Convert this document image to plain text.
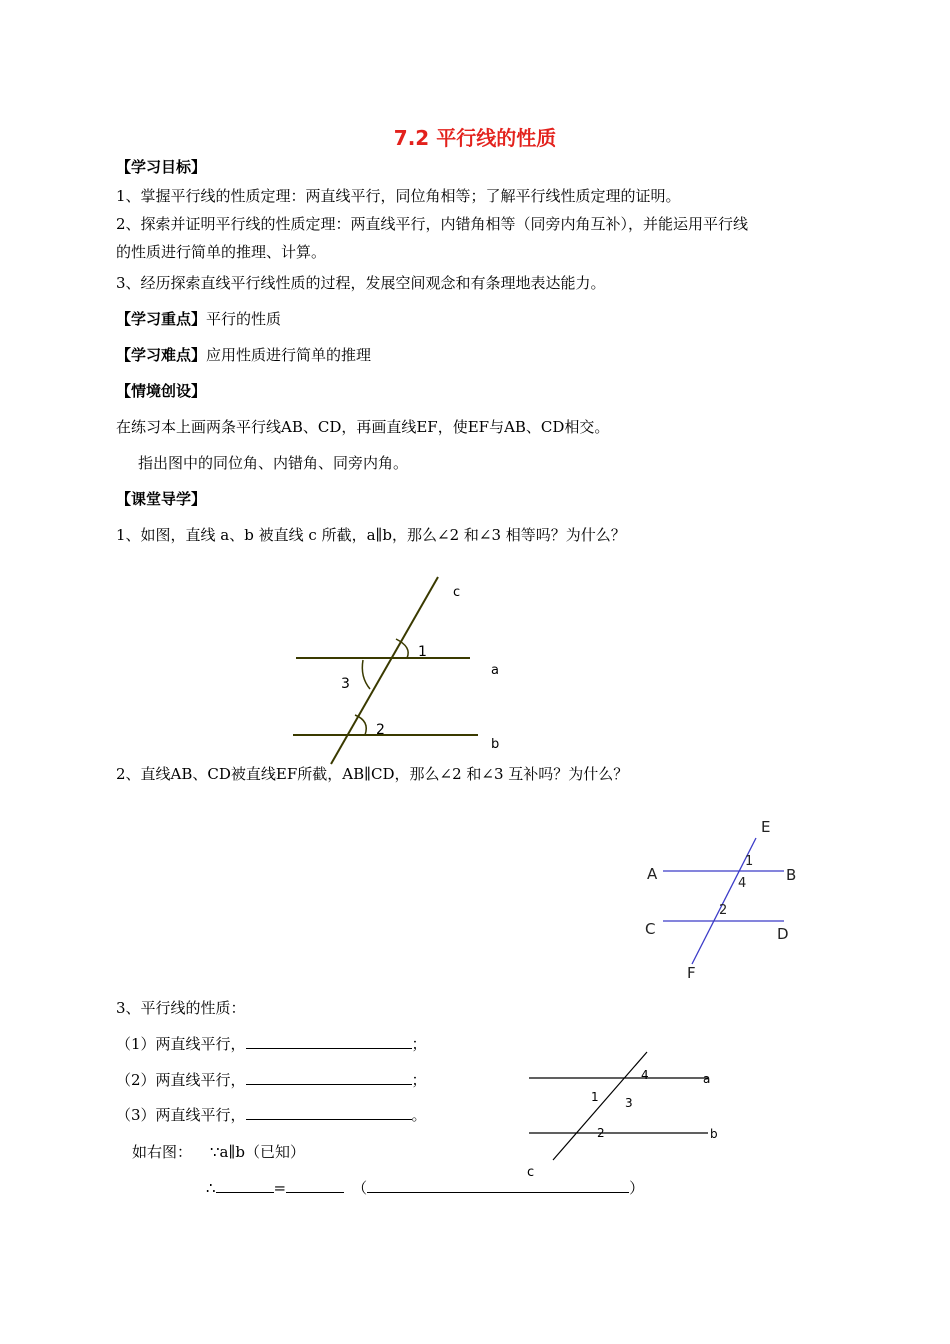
7.2 平行线的性质
【学习目标】
1、掌握平行线的性质定理：两直线平行，同位角相等；了解平行线性质定理的证明。
2、探索并证明平行线的性质定理：两直线平行，内错角相等（同旁内角互补），并能运用平行线
的性质进行简单的推理、计算。
3、经历探索直线平行线性质的过程，发展空间观念和有条理地表达能力。
【学习重点】平行的性质
【学习难点】应用性质进行简单的推理
【情境创设】
在练习本上画两条平行线AB、CD，再画直线EF，使EF与AB、CD相交。
指出图中的同位角、内错角、同旁内角。
【课堂导学】
1、如图，直线 a、b 被直线 c 所截，a∥b，那么∠2 和∠3 相等吗？为什么？
c
1
a
3
2
b
2、直线AB、CD被直线EF所截，AB∥CD，那么∠2 和∠3 互补吗？为什么？
E
1
A	B
4
2
C	D
F
3、平行线的性质：
（1）两直线平行，	；
（2）两直线平行，	；
（3）两直线平行，	。
如右图： ∵a∥b（已知）
∴	=	（	）
4	a
1 3
2	b
c
